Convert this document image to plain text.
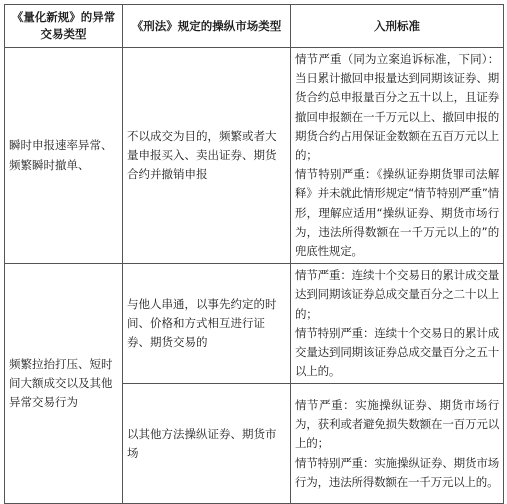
《量化新规》的异常交易类型	《刑法》规定的操纵市场类型	入刑标准
瞬时申报速率异常、频繁瞬时撤单、	不以成交为目的，频繁或者大量申报买入、卖出证券、期货合约并撤销申报	情节严重（同为立案追诉标准，下同）：当日累计撤回申报量达到同期该证券、期货合约总申报量百分之五十以上，且证券撤回申报额在一千万元以上、撤回申报的期货合约占用保证金数额在五百万元以上的；
情节特别严重：《操纵证券期货罪司法解释》并未就此情形规定“情节特别严重”情形，理解应适用“操纵证券、期货市场行为，违法所得数额在一千万元以上的”的兜底性规定。

频繁拉抬打压、短时间大额成交以及其他异常交易行为	与他人串通，以事先约定的时间、价格和方式相互进行证券、期货交易的	情节严重：连续十个交易日的累计成交量达到同期该证券总成交量百分之二十以上的；
情节特别严重：连续十个交易日的累计成交量达到同期该证券总成交量百分之五十以上的。

	以其他方法操纵证券、期货市场	情节严重：实施操纵证券、期货市场行为，获利或者避免损失数额在一百万元以上的；
情节特别严重：实施操纵证券、期货市场行为，违法所得数额在一千万元以上的。
